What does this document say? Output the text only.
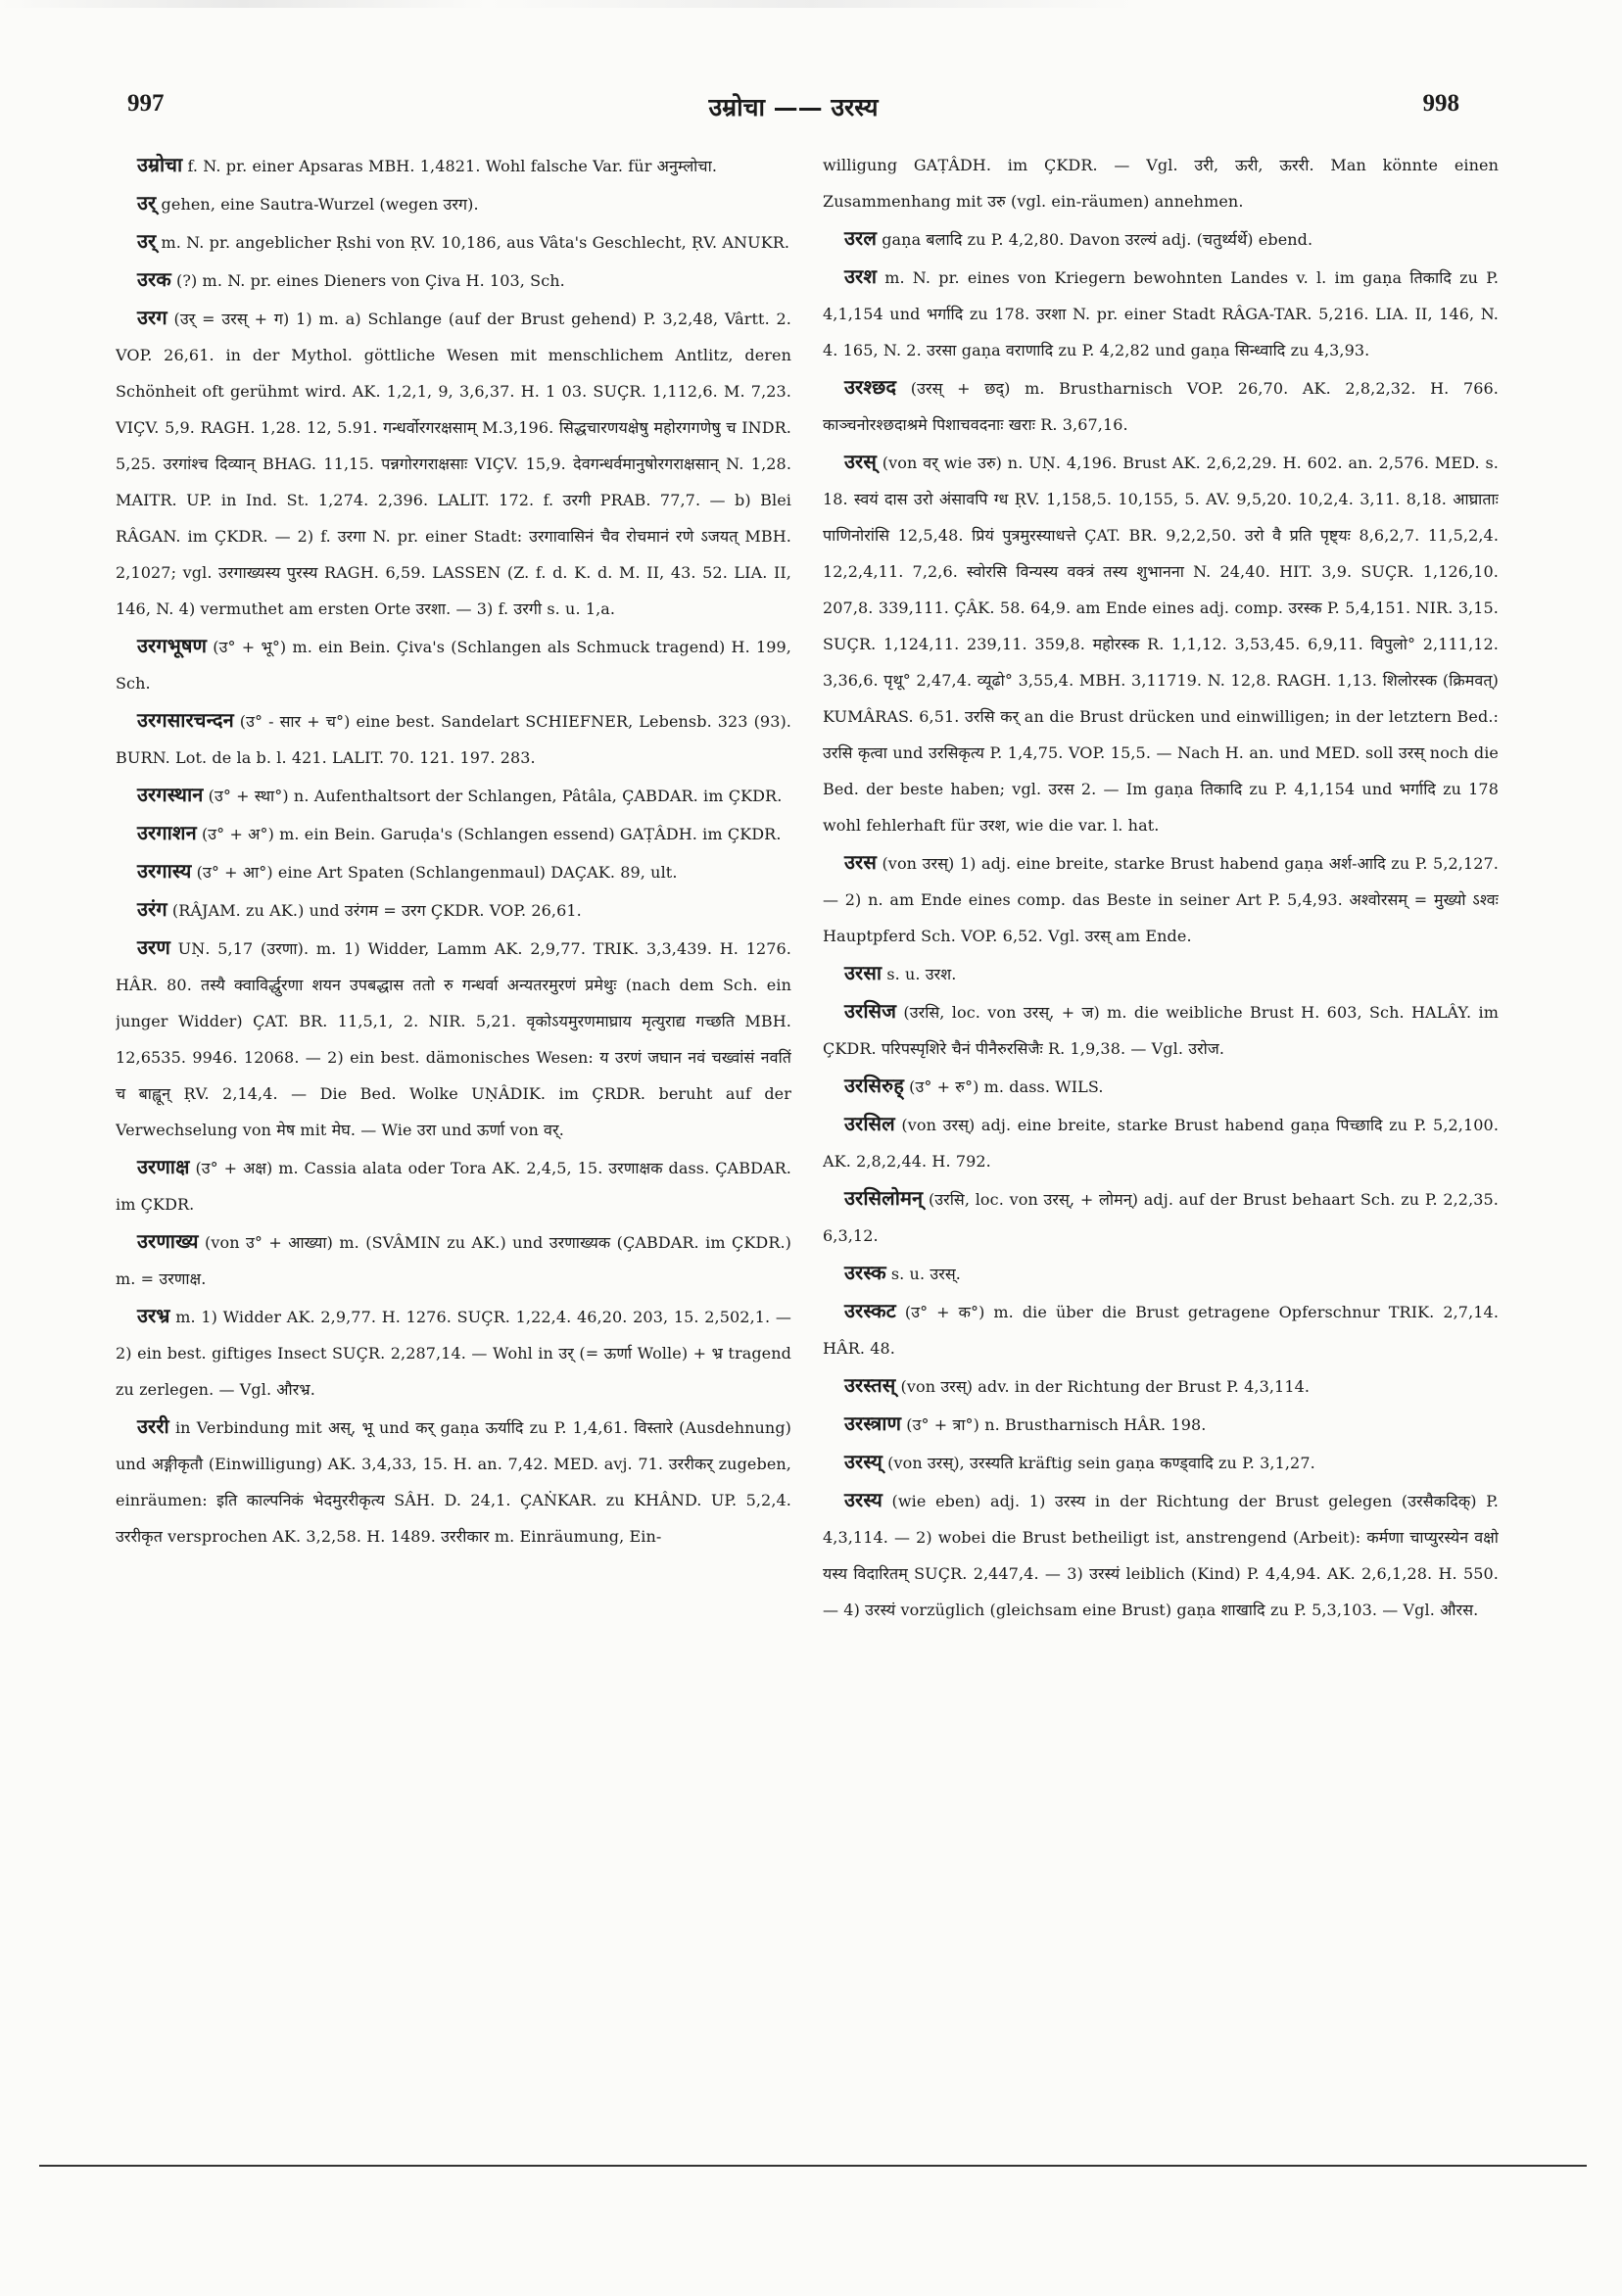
997	उम्रोचा —— उरस्य	998

उम्रोचा f. N. pr. einer Apsaras MBH. 1,4821. Wohl falsche Var. für अनुम्लोचा.

उर् gehen, eine Sautra-Wurzel (wegen उरग).

उर् m. N. pr. angeblicher Ṛshi von ṚV. 10,186, aus Vâta's Geschlecht, ṚV. ANUKR.

उरक (?) m. N. pr. eines Dieners von Çiva H. 103, Sch.

उरग (उर् = उरस् + ग) 1) m. a) Schlange (auf der Brust gehend) P. 3,2,48, Vârtt. 2. VOP. 26,61. in der Mythol. göttliche Wesen mit menschlichem Antlitz, deren Schönheit oft gerühmt wird. AK. 1,2,1, 9, 3,6,37. H. 1 03. SUÇR. 1,112,6. M. 7,23. VIÇV. 5,9. RAGH. 1,28. 12, 5.91. गन्धर्वोरगरक्षसाम् M.3,196. सिद्धचारणयक्षेषु महोरगगणेषु च INDR. 5,25. उरगांश्च दिव्यान् BHAG. 11,15. पन्नगोरगराक्षसाः VIÇV. 15,9. देवगन्धर्वमानुषोरगराक्षसान् N. 1,28. MAITR. UP. in Ind. St. 1,274. 2,396. LALIT. 172. f. उरगी PRAB. 77,7. — b) Blei RÂGAN. im ÇKDR. — 2) f. उरगा N. pr. einer Stadt: उरगावासिनं चैव रोचमानं रणे ऽजयत् MBH. 2,1027; vgl. उरगाख्यस्य पुरस्य RAGH. 6,59. LASSEN (Z. f. d. K. d. M. II, 43. 52. LIA. II, 146, N. 4) vermuthet am ersten Orte उरशा. — 3) f. उरगी s. u. 1,a.

उरगभूषण (उ° + भू°) m. ein Bein. Çiva's (Schlangen als Schmuck tragend) H. 199, Sch.

उरगसारचन्दन (उ° - सार + च°) eine best. Sandelart SCHIEFNER, Lebensb. 323 (93). BURN. Lot. de la b. l. 421. LALIT. 70. 121. 197. 283.

उरगस्थान (उ° + स्था°) n. Aufenthaltsort der Schlangen, Pâtâla, ÇABDAR. im ÇKDR.

उरगाशन (उ° + अ°) m. ein Bein. Garuḍa's (Schlangen essend) GAṬÂDH. im ÇKDR.

उरगास्य (उ° + आ°) eine Art Spaten (Schlangenmaul) DAÇAK. 89, ult.

उरंग (RÂJAM. zu AK.) und उरंगम = उरग ÇKDR. VOP. 26,61.

उरण UṆ. 5,17 (उरणा). m. 1) Widder, Lamm AK. 2,9,77. TRIK. 3,3,439. H. 1276. HÂR. 80. तस्यै क्वाविर्द्धुरणा शयन उपबद्धास ततो रु गन्धर्वा अन्यतरमुरणं प्रमेथुः (nach dem Sch. ein junger Widder) ÇAT. BR. 11,5,1, 2. NIR. 5,21. वृकोऽयमुरणमाघ्राय मृत्युराद्य गच्छति MBH. 12,6535. 9946. 12068. — 2) ein best. dämonisches Wesen: य उरणं जघान नवं चख्वांसं नवतिं च बाह्वून् ṚV. 2,14,4. — Die Bed. Wolke UṆÂDIK. im ÇRDR. beruht auf der Verwechselung von मेष mit मेघ. — Wie उरा und ऊर्णा von वर्.

उरणाक्ष (उ° + अक्ष) m. Cassia alata oder Tora AK. 2,4,5, 15. उरणाक्षक dass. ÇABDAR. im ÇKDR.

उरणाख्य (von उ° + आख्या) m. (SVÂMIN zu AK.) und उरणाख्यक (ÇABDAR. im ÇKDR.) m. = उरणाक्ष.

उरभ्र m. 1) Widder AK. 2,9,77. H. 1276. SUÇR. 1,22,4. 46,20. 203, 15. 2,502,1. — 2) ein best. giftiges Insect SUÇR. 2,287,14. — Wohl in उर् (= ऊर्णा Wolle) + भ्र tragend zu zerlegen. — Vgl. औरभ्र.

उररी in Verbindung mit अस्, भू und कर् gaṇa ऊर्यादि zu P. 1,4,61. विस्तारे (Ausdehnung) und अङ्गीकृतौ (Einwilligung) AK. 3,4,33, 15. H. an. 7,42. MED. avj. 71. उररीकर् zugeben, einräumen: इति काल्पनिकं भेदमुररीकृत्य SÂH. D. 24,1. ÇAṄKAR. zu KHÂND. UP. 5,2,4. उररीकृत versprochen AK. 3,2,58. H. 1489. उररीकार m. Einräumung, Ein-

willigung GAṬÂDH. im ÇKDR. — Vgl. उरी, ऊरी, ऊररी. Man könnte einen Zusammenhang mit उरु (vgl. ein-räumen) annehmen.

उरल gaṇa बलादि zu P. 4,2,80. Davon उरल्यं adj. (चतुर्थ्यर्थे) ebend.

उरश m. N. pr. eines von Kriegern bewohnten Landes v. l. im gaṇa तिकादि zu P. 4,1,154 und भर्गादि zu 178. उरशा N. pr. einer Stadt RÂGA-TAR. 5,216. LIA. II, 146, N. 4. 165, N. 2. उरसा gaṇa वराणादि zu P. 4,2,82 und gaṇa सिन्ध्वादि zu 4,3,93.

उरश्छद (उरस् + छद्) m. Brustharnisch VOP. 26,70. AK. 2,8,2,32. H. 766. काञ्चनोरश्छदाश्रमे पिशाचवदनाः खराः R. 3,67,16.

उरस् (von वर् wie उरु) n. UṆ. 4,196. Brust AK. 2,6,2,29. H. 602. an. 2,576. MED. s. 18. स्वयं दास उरो अंसावपि ग्ध ṚV. 1,158,5. 10,155, 5. AV. 9,5,20. 10,2,4. 3,11. 8,18. आघ्राताः पाणिनोरांसि 12,5,48. प्रियं पुत्रमुरस्याधत्ते ÇAT. BR. 9,2,2,50. उरो वै प्रति पृष्ट्यः 8,6,2,7. 11,5,2,4. 12,2,4,11. 7,2,6. स्वोरसि विन्यस्य वक्त्रं तस्य शुभानना N. 24,40. HIT. 3,9. SUÇR. 1,126,10. 207,8. 339,111. ÇÂK. 58. 64,9. am Ende eines adj. comp. उरस्क P. 5,4,151. NIR. 3,15. SUÇR. 1,124,11. 239,11. 359,8. महोरस्क R. 1,1,12. 3,53,45. 6,9,11. विपुलो° 2,111,12. 3,36,6. पृथू° 2,47,4. व्यूढो° 3,55,4. MBH. 3,11719. N. 12,8. RAGH. 1,13. शिलोरस्क (क्रिमवत्) KUMÂRAS. 6,51. उरसि कर् an die Brust drücken und einwilligen; in der letztern Bed.: उरसि कृत्वा und उरसिकृत्य P. 1,4,75. VOP. 15,5. — Nach H. an. und MED. soll उरस् noch die Bed. der beste haben; vgl. उरस 2. — Im gaṇa तिकादि zu P. 4,1,154 und भर्गादि zu 178 wohl fehlerhaft für उरश, wie die var. l. hat.

उरस (von उरस्) 1) adj. eine breite, starke Brust habend gaṇa अर्श-आदि zu P. 5,2,127. — 2) n. am Ende eines comp. das Beste in seiner Art P. 5,4,93. अश्वोरसम् = मुख्यो ऽश्वः Hauptpferd Sch. VOP. 6,52. Vgl. उरस् am Ende.

उरसा s. u. उरश.

उरसिज (उरसि, loc. von उरस्, + ज) m. die weibliche Brust H. 603, Sch. HALÂY. im ÇKDR. परिपस्पृशिरे चैनं पीनैरुरसिजैः R. 1,9,38. — Vgl. उरोज.

उरसिरुह् (उ° + रु°) m. dass. WILS.

उरसिल (von उरस्) adj. eine breite, starke Brust habend gaṇa पिच्छादि zu P. 5,2,100. AK. 2,8,2,44. H. 792.

उरसिलोमन् (उरसि, loc. von उरस्, + लोमन्) adj. auf der Brust behaart Sch. zu P. 2,2,35. 6,3,12.

उरस्क s. u. उरस्.

उरस्कट (उ° + क°) m. die über die Brust getragene Opferschnur TRIK. 2,7,14. HÂR. 48.

उरस्तस् (von उरस्) adv. in der Richtung der Brust P. 4,3,114.

उरस्त्राण (उ° + त्रा°) n. Brustharnisch HÂR. 198.

उरस्य् (von उरस्), उरस्यति kräftig sein gaṇa कण्ड्वादि zu P. 3,1,27.

उरस्य (wie eben) adj. 1) उरस्य in der Richtung der Brust gelegen (उरसैकदिक्) P. 4,3,114. — 2) wobei die Brust betheiligt ist, anstrengend (Arbeit): कर्मणा चाप्युरस्येन वक्षो यस्य विदारितम् SUÇR. 2,447,4. — 3) उरस्यं leiblich (Kind) P. 4,4,94. AK. 2,6,1,28. H. 550. — 4) उरस्यं vorzüglich (gleichsam eine Brust) gaṇa शाखादि zu P. 5,3,103. — Vgl. औरस.
